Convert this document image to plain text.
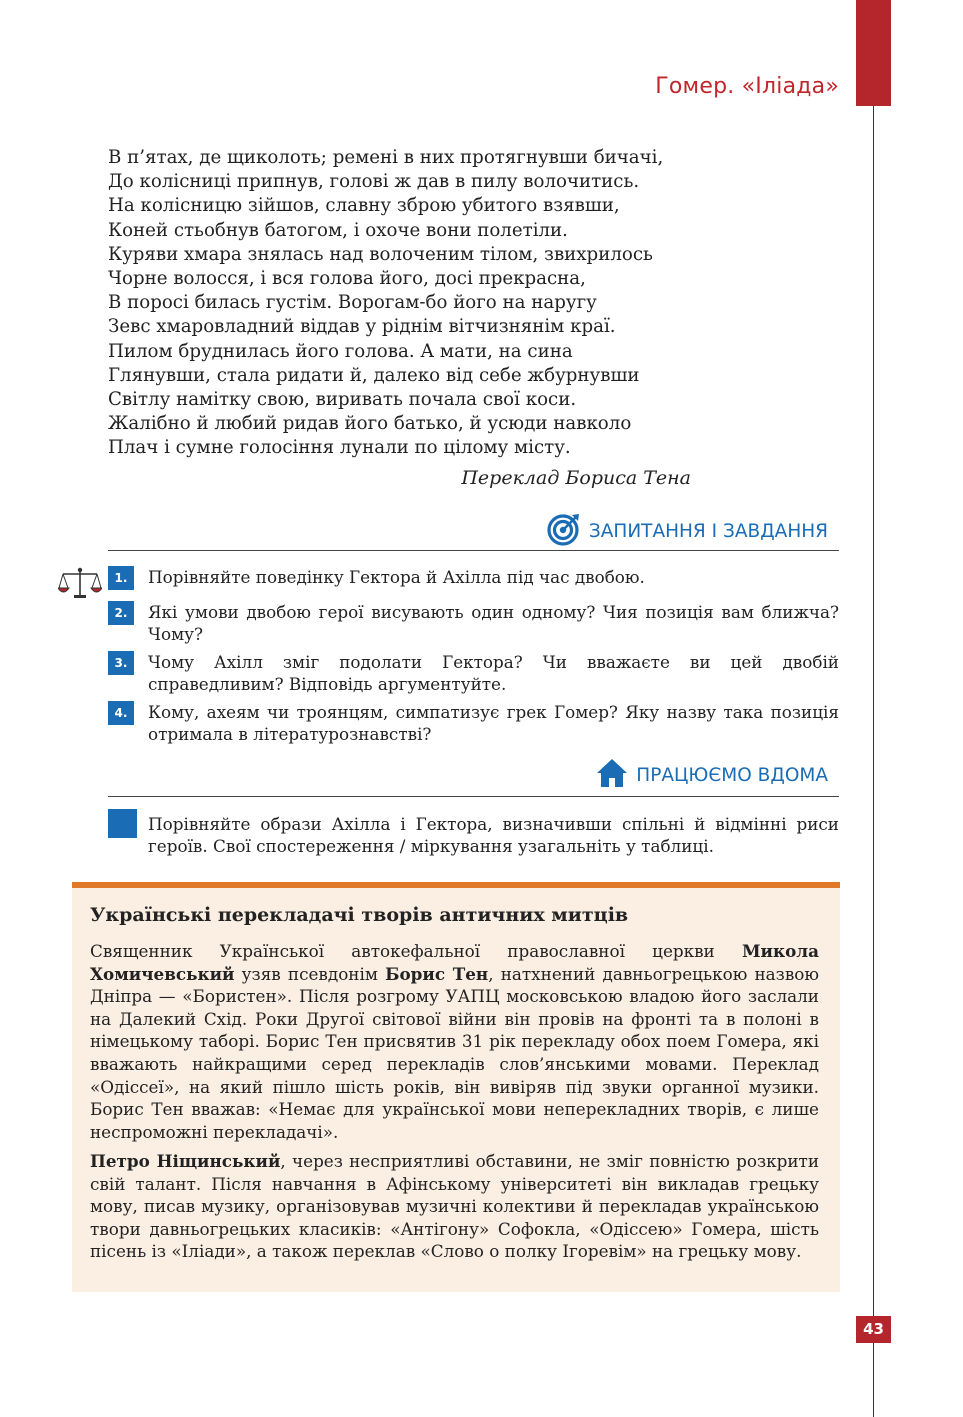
Гомер. «Іліада»
В п’ятах, де щиколоть; ремені в них протягнувши бичачі,
До колісниці припнув, голові ж дав в пилу волочитись.
На колісницю зійшов, славну зброю убитого взявши,
Коней стьобнув батогом, і охоче вони полетіли.
Куряви хмара знялась над волоченим тілом, звихрилось
Чорне волосся, і вся голова його, досі прекрасна,
В поросі билась густім. Ворогам-бо його на наругу
Зевс хмаровладний віддав у ріднім вітчизнянім краї.
Пилом бруднилась його голова. А мати, на сина
Глянувши, стала ридати й, далеко від себе жбурнувши
Світлу намітку свою, виривать почала свої коси.
Жалібно й любий ридав його батько, й усюди навколо
Плач і сумне голосіння лунали по цілому місту.
Переклад Бориса Тена
ЗАПИТАННЯ І ЗАВДАННЯ
1.	Порівняйте поведінку Гектора й Ахілла під час двобою.
2.	Які умови двобою герої висувають один одному? Чия позиція вам ближча? Чому?
3.	Чому Ахілл зміг подолати Гектора? Чи вважаєте ви цей двобій справедливим? Відповідь аргументуйте.
4.	Кому, ахеям чи троянцям, симпатизує грек Гомер? Яку назву така позиція отримала в літературознавстві?
ПРАЦЮЄМО ВДОМА
Порівняйте образи Ахілла і Гектора, визначивши спільні й відмінні риси героїв. Свої спостереження / міркування узагальніть у таблиці.
Українські перекладачі творів античних митців
Священник Української автокефальної православної церкви Микола Хомичевський узяв псевдонім Борис Тен, натхнений давньогрецькою назвою Дніпра — «Бористен». Після розгрому УАПЦ московською владою його заслали на Далекий Схід. Роки Другої світової війни він провів на фронті та в полоні в німецькому таборі. Борис Тен присвятив 31 рік перекладу обох поем Гомера, які вважають найкращими серед перекладів слов’янськими мовами. Переклад «Одіссеї», на який пішло шість років, він вивіряв під звуки органної музики. Борис Тен вважав: «Немає для української мови неперекладних творів, є лише неспроможні перекладачі».
Петро Ніщинський, через несприятливі обставини, не зміг повністю розкрити свій талант. Після навчання в Афінському університеті він викладав грецьку мову, писав музику, організовував музичні колективи й перекладав українською твори давньогрецьких класиків: «Антігону» Софокла, «Одіссею» Гомера, шість пісень із «Іліади», а також переклав «Слово о полку Ігоревім» на грецьку мову.
43
